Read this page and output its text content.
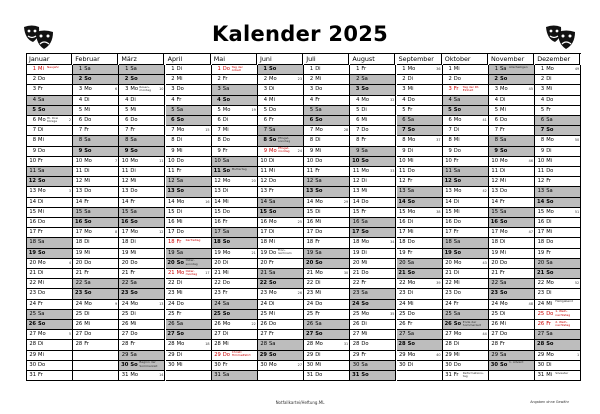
Kalender 2025
Januar
1 Mi Neujahr
2 Do
3 Fr
4 Sa
5 So
6 Mo Hl. Drei Könige	2
7 Di
8 Mi
9 Do
10 Fr
11 Sa
12 So
13 Mo	3
14 Di
15 Mi
16 Do
17 Fr
18 Sa
19 So
20 Mo	4
21 Di
22 Mi
23 Do
24 Fr
25 Sa
26 So
27 Mo	5
28 Di
29 Mi
30 Do
31 Fr
Februar
1 Sa
2 So
3 Mo	6
4 Di
5 Mi
6 Do
7 Fr
8 Sa
9 So
10 Mo	7
11 Di
12 Mi
13 Do
14 Fr
15 Sa
16 So
17 Mo	8
18 Di
19 Mi
20 Do
21 Fr
22 Sa
23 So
24 Mo	9
25 Di
26 Mi
27 Do
28 Fr
März
1 Sa
2 So
3 Mo Rosen-montag	10
4 Di
5 Mi
6 Do
7 Fr
8 Sa
9 So
10 Mo	11
11 Di
12 Mi
13 Do
14 Fr
15 Sa
16 So
17 Mo	12
18 Di
19 Mi
20 Do
21 Fr
22 Sa
23 So
24 Mo	13
25 Di
26 Mi
27 Do
28 Fr
29 Sa
30 So Beginn der Sommerzeit
31 Mo	14
April
1 Di
2 Mi
3 Do
4 Fr
5 Sa
6 So
7 Mo	15
8 Di
9 Mi
10 Do
11 Fr
12 Sa
13 So
14 Mo	16
15 Di
16 Mi
17 Do
18 Fr Karfreitag
19 Sa
20 So Oster-sonntag
21 Mo Oster-montag	17
22 Di
23 Mi
24 Do
25 Fr
26 Sa
27 So
28 Mo	18
29 Di
30 Mi
Mai
1 Do Tag der Arbeit
2 Fr
3 Sa
4 So
5 Mo	19
6 Di
7 Mi
8 Do
9 Fr
10 Sa
11 So Muttertag
12 Mo	20
13 Di
14 Mi
15 Do
16 Fr
17 Sa
18 So
19 Mo	21
20 Di
21 Mi
22 Do
23 Fr
24 Sa
25 So
26 Mo	22
27 Di
28 Mi
29 Do Christi Himmelfahrt
30 Fr
31 Sa
Juni
1 So
2 Mo	23
3 Di
4 Mi
5 Do
6 Fr
7 Sa
8 So Pfingst-sonntag
9 Mo Pfingst-montag	24
10 Di
11 Mi
12 Do
13 Fr
14 Sa
15 So
16 Mo	25
17 Di
18 Mi
19 Do Fron-leichnam
20 Fr
21 Sa
22 So
23 Mo	26
24 Di
25 Mi
26 Do
27 Fr
28 Sa
29 So
30 Mo	27
Juli
1 Di
2 Mi
3 Do
4 Fr
5 Sa
6 So
7 Mo	28
8 Di
9 Mi
10 Do
11 Fr
12 Sa
13 So
14 Mo	29
15 Di
16 Mi
17 Do
18 Fr
19 Sa
20 So
21 Mo	30
22 Di
23 Mi
24 Do
25 Fr
26 Sa
27 So
28 Mo	31
29 Di
30 Mi
31 Do
August
1 Fr
2 Sa
3 So
4 Mo	32
5 Di
6 Mi
7 Do
8 Fr
9 Sa
10 So
11 Mo	33
12 Di
13 Mi
14 Do
15 Fr
16 Sa
17 So
18 Mo	34
19 Di
20 Mi
21 Do
22 Fr
23 Sa
24 So
25 Mo	35
26 Di
27 Mi
28 Do
29 Fr
30 Sa
31 So
September
1 Mo	36
2 Di
3 Mi
4 Do
5 Fr
6 Sa
7 So
8 Mo	37
9 Di
10 Mi
11 Do
12 Fr
13 Sa
14 So
15 Mo	38
16 Di
17 Mi
18 Do
19 Fr
20 Sa
21 So
22 Mo	39
23 Di
24 Mi
25 Do
26 Fr
27 Sa
28 So
29 Mo	40
30 Di
Oktober
1 Mi
2 Do
3 Fr Tag der Dt. Einheit
4 Sa
5 So
6 Mo	41
7 Di
8 Mi
9 Do
10 Fr
11 Sa
12 So
13 Mo	42
14 Di
15 Mi
16 Do
17 Fr
18 Sa
19 So
20 Mo	43
21 Di
22 Mi
23 Do
24 Fr
25 Sa
26 So Ende der Sommerzeit
27 Mo	44
28 Di
29 Mi
30 Do
31 Fr Reformations-tag
November
1 Sa Allerheiligen
2 So
3 Mo	45
4 Di
5 Mi
6 Do
7 Fr
8 Sa
9 So
10 Mo	46
11 Di
12 Mi
13 Do
14 Fr
15 Sa
16 So
17 Mo	47
18 Di
19 Mi
20 Do
21 Fr
22 Sa
23 So
24 Mo	48
25 Di
26 Mi
27 Do
28 Fr
29 Sa
30 So 1. Advent
Dezember
1 Mo	49
2 Di
3 Mi
4 Do
5 Fr
6 Sa
7 So
8 Mo	50
9 Di
10 Mi
11 Do
12 Fr
13 Sa
14 So
15 Mo	51
16 Di
17 Mi
18 Do
19 Fr
20 Sa
21 So
22 Mo	52
23 Di
24 Mi Heiligabend
25 Do 1. Weih-nachtstag
26 Fr 2. Weih-nachtstag
27 Sa
28 So
29 Mo	1
30 Di
31 Mi Silvester
Notfallkartei/Heftung.ML	Angaben ohne Gewähr
